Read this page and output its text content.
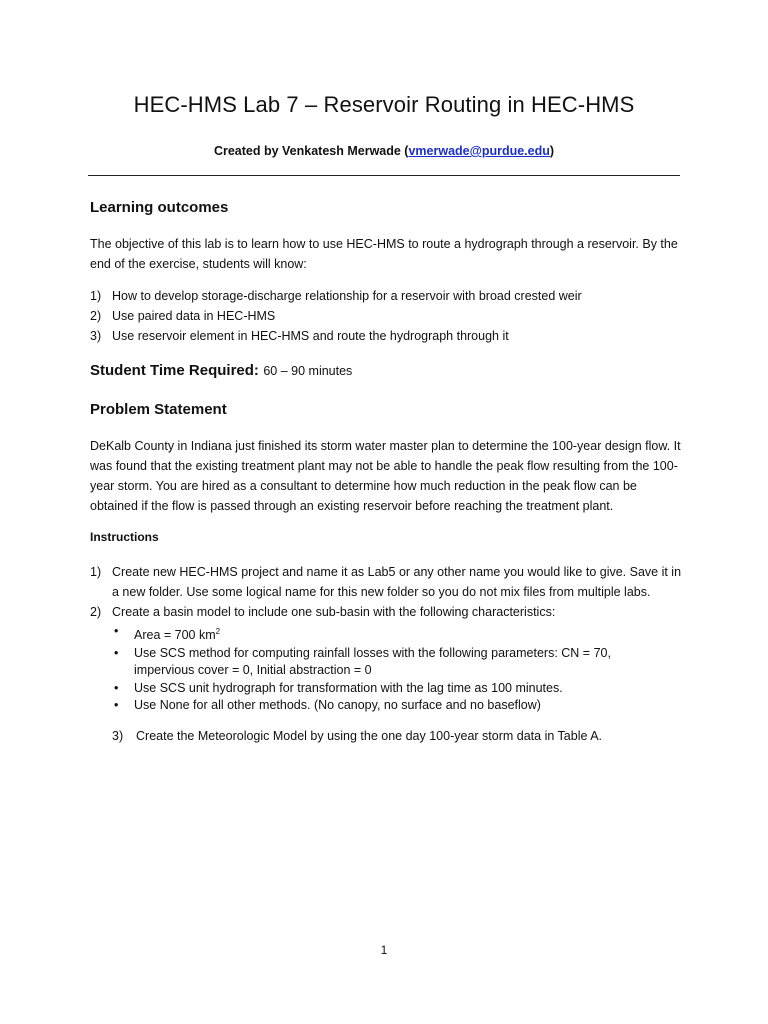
HEC-HMS Lab 7 – Reservoir Routing in HEC-HMS
Created by Venkatesh Merwade (vmerwade@purdue.edu)
Learning outcomes
The objective of this lab is to learn how to use HEC-HMS to route a hydrograph through a reservoir. By the end of the exercise, students will know:
1) How to develop storage-discharge relationship for a reservoir with broad crested weir
2) Use paired data in HEC-HMS
3) Use reservoir element in HEC-HMS and route the hydrograph through it
Student Time Required: 60 – 90 minutes
Problem Statement
DeKalb County in Indiana just finished its storm water master plan to determine the 100-year design flow. It was found that the existing treatment plant may not be able to handle the peak flow resulting from the 100-year storm. You are hired as a consultant to determine how much reduction in the peak flow can be obtained if the flow is passed through an existing reservoir before reaching the treatment plant.
Instructions
1) Create new HEC-HMS project and name it as Lab5 or any other name you would like to give. Save it in a new folder. Use some logical name for this new folder so you do not mix files from multiple labs.
2) Create a basin model to include one sub-basin with the following characteristics:
• Area = 700 $km^2$
• Use SCS method for computing rainfall losses with the following parameters: CN = 70, impervious cover = 0, Initial abstraction = 0
• Use SCS unit hydrograph for transformation with the lag time as 100 minutes.
• Use None for all other methods. (No canopy, no surface and no baseflow)
3) Create the Meteorologic Model by using the one day 100-year storm data in Table A.
1
